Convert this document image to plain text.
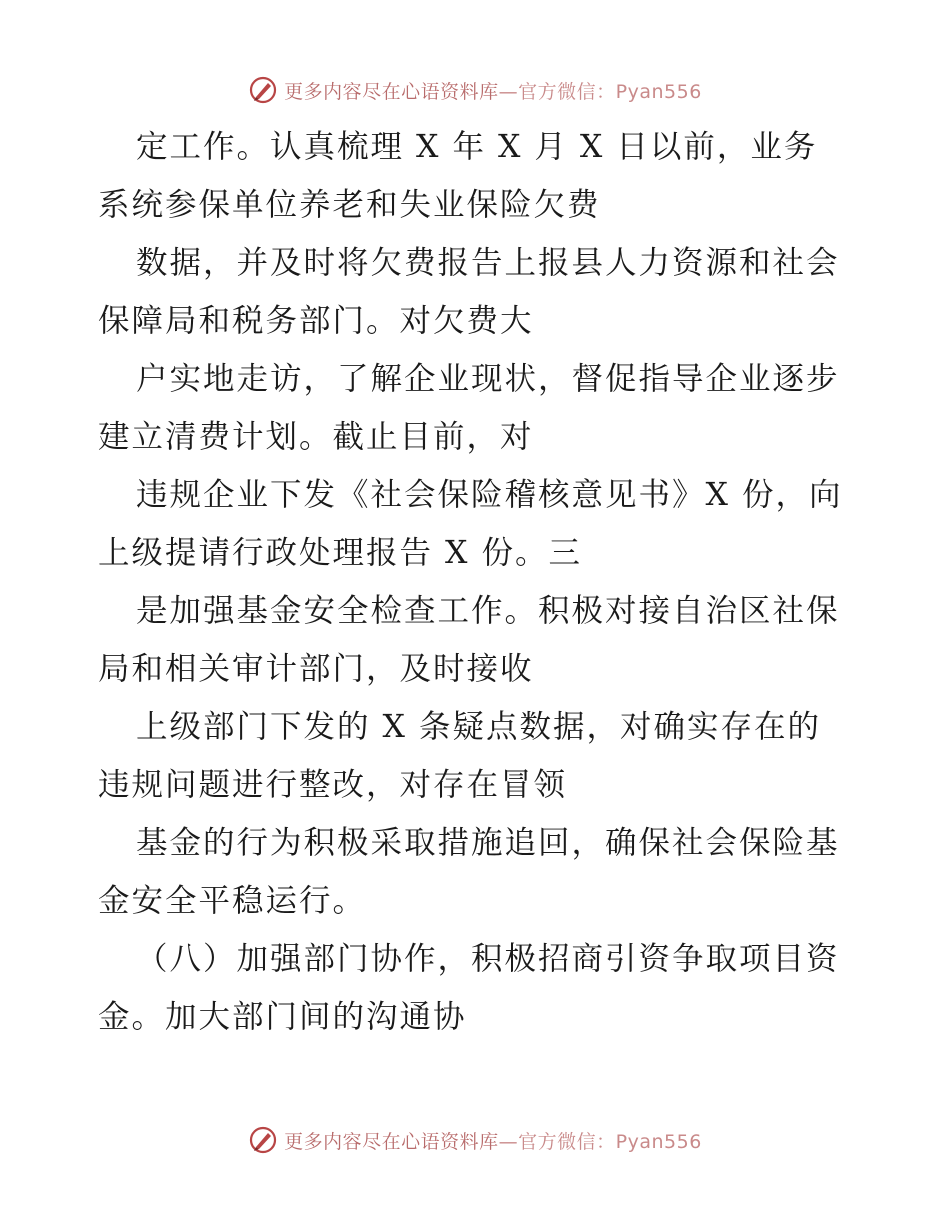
更多内容尽在心语资料库—官方微信：Pyan556
定工作。认真梳理 X 年 X 月 X 日以前，业务
系统参保单位养老和失业保险欠费
数据，并及时将欠费报告上报县人力资源和社会
保障局和税务部门。对欠费大
户实地走访，了解企业现状，督促指导企业逐步
建立清费计划。截止目前，对
违规企业下发《社会保险稽核意见书》X 份，向
上级提请行政处理报告 X 份。三
是加强基金安全检查工作。积极对接自治区社保
局和相关审计部门，及时接收
上级部门下发的 X 条疑点数据，对确实存在的
违规问题进行整改，对存在冒领
基金的行为积极采取措施追回，确保社会保险基
金安全平稳运行。
（八）加强部门协作，积极招商引资争取项目资
金。加大部门间的沟通协
更多内容尽在心语资料库—官方微信：Pyan556
